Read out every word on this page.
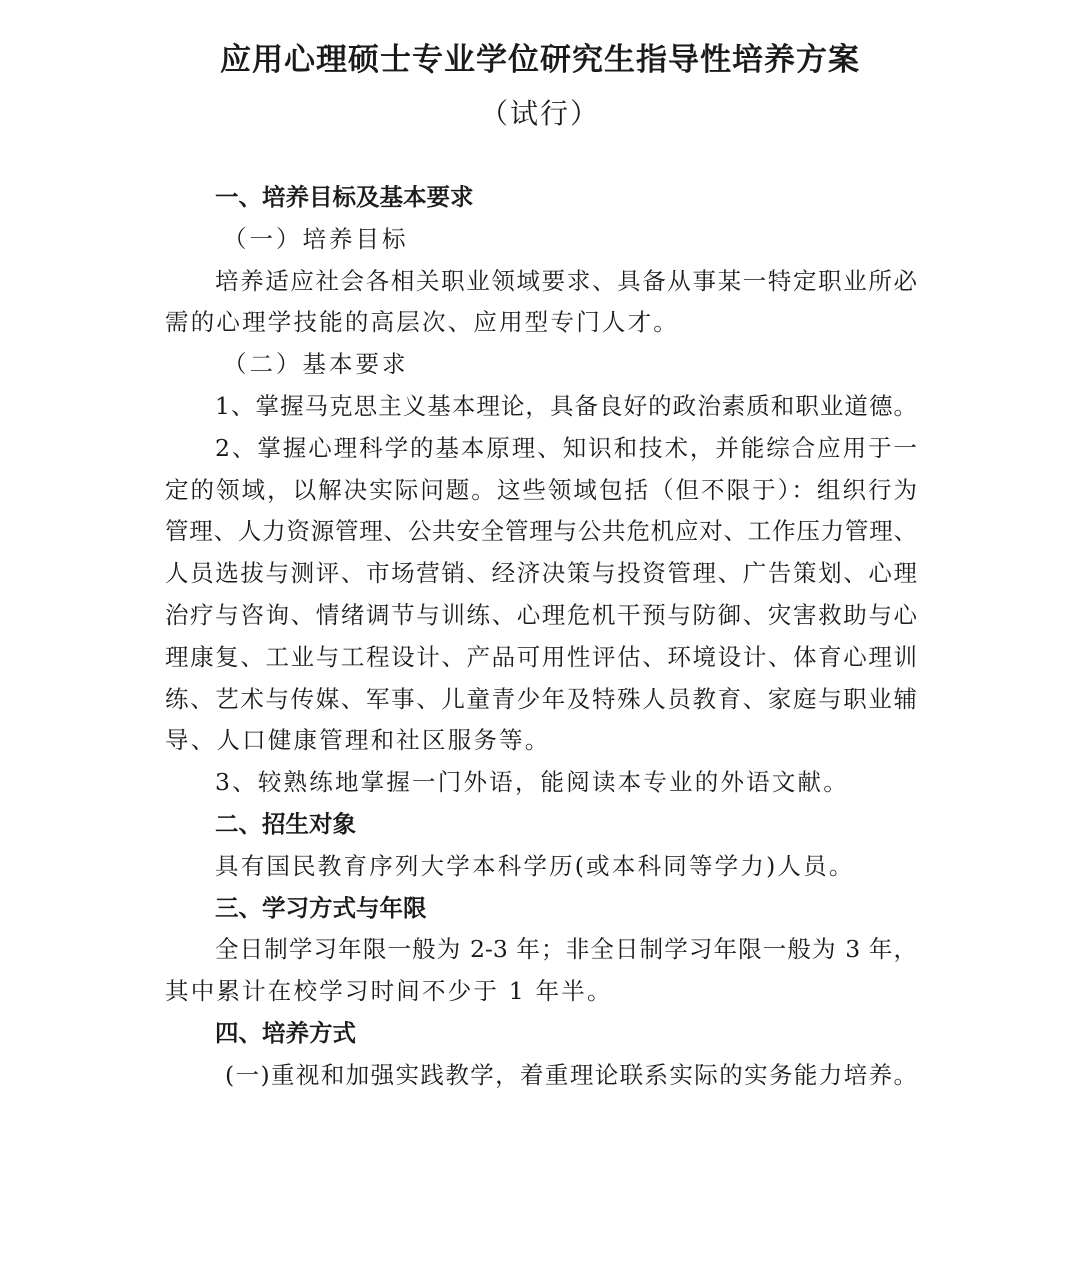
应用心理硕士专业学位研究生指导性培养方案
（试行）
一、培养目标及基本要求
（一）培养目标
培养适应社会各相关职业领域要求、具备从事某一特定职业所必
需的心理学技能的高层次、应用型专门人才。
（二）基本要求
1、掌握马克思主义基本理论，具备良好的政治素质和职业道德。
2、掌握心理科学的基本原理、知识和技术，并能综合应用于一
定的领域，以解决实际问题。这些领域包括（但不限于）：组织行为
管理、人力资源管理、公共安全管理与公共危机应对、工作压力管理、
人员选拔与测评、市场营销、经济决策与投资管理、广告策划、心理
治疗与咨询、情绪调节与训练、心理危机干预与防御、灾害救助与心
理康复、工业与工程设计、产品可用性评估、环境设计、体育心理训
练、艺术与传媒、军事、儿童青少年及特殊人员教育、家庭与职业辅
导、人口健康管理和社区服务等。
3、较熟练地掌握一门外语，能阅读本专业的外语文献。
二、招生对象
具有国民教育序列大学本科学历(或本科同等学力)人员。
三、学习方式与年限
全日制学习年限一般为 2-3 年；非全日制学习年限一般为 3 年，
其中累计在校学习时间不少于 1 年半。
四、培养方式
(一)重视和加强实践教学，着重理论联系实际的实务能力培养。
